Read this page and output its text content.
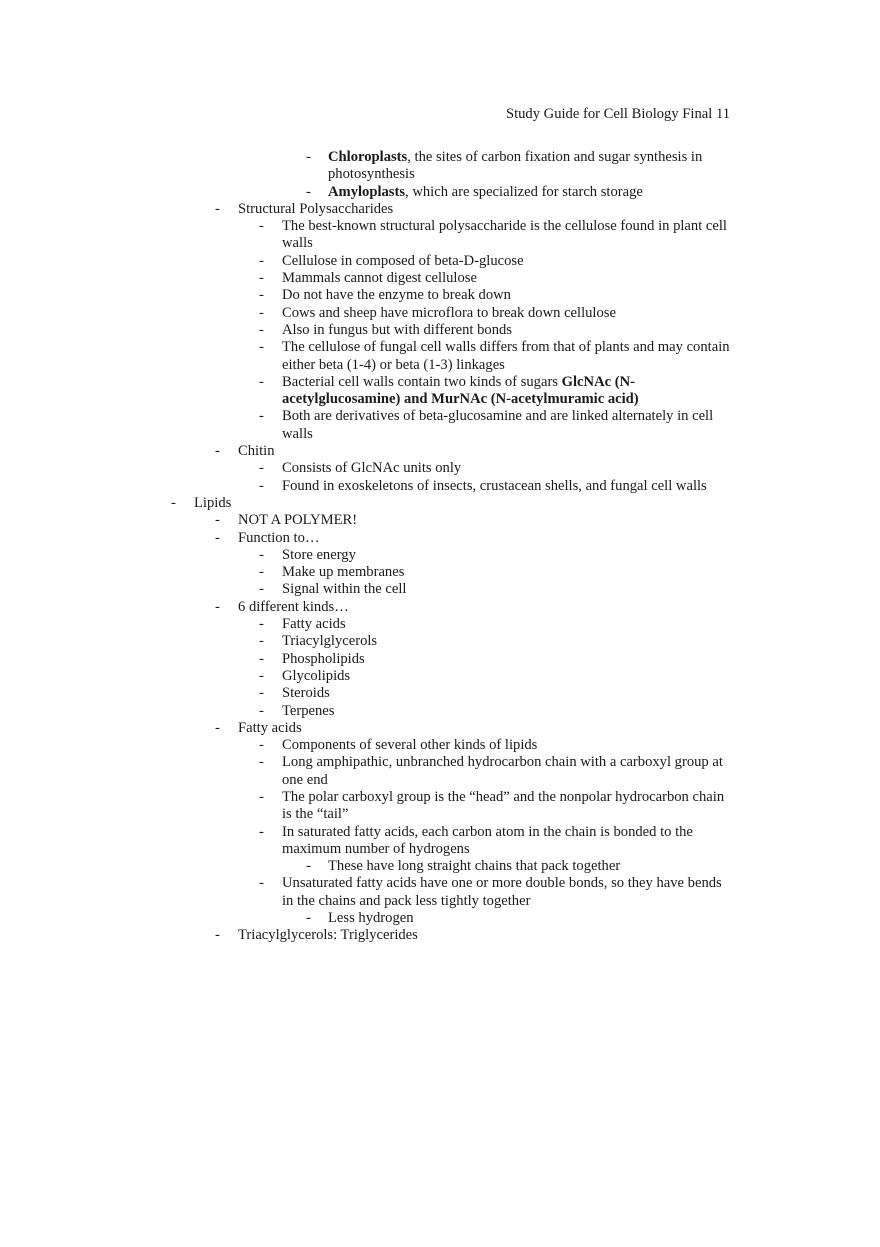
Study Guide for Cell Biology Final 11
- Chloroplasts, the sites of carbon fixation and sugar synthesis in photosynthesis
- Amyloplasts, which are specialized for starch storage
- Structural Polysaccharides
- The best-known structural polysaccharide is the cellulose found in plant cell walls
- Cellulose in composed of beta-D-glucose
- Mammals cannot digest cellulose
- Do not have the enzyme to break down
- Cows and sheep have microflora to break down cellulose
- Also in fungus but with different bonds
- The cellulose of fungal cell walls differs from that of plants and may contain either beta (1-4) or beta (1-3) linkages
- Bacterial cell walls contain two kinds of sugars GlcNAc (N-acetylglucosamine) and MurNAc (N-acetylmuramic acid)
- Both are derivatives of beta-glucosamine and are linked alternately in cell walls
- Chitin
- Consists of GlcNAc units only
- Found in exoskeletons of insects, crustacean shells, and fungal cell walls
- Lipids
- NOT A POLYMER!
- Function to…
- Store energy
- Make up membranes
- Signal within the cell
- 6 different kinds…
- Fatty acids
- Triacylglycerols
- Phospholipids
- Glycolipids
- Steroids
- Terpenes
- Fatty acids
- Components of several other kinds of lipids
- Long amphipathic, unbranched hydrocarbon chain with a carboxyl group at one end
- The polar carboxyl group is the “head” and the nonpolar hydrocarbon chain is the “tail”
- In saturated fatty acids, each carbon atom in the chain is bonded to the maximum number of hydrogens
- These have long straight chains that pack together
- Unsaturated fatty acids have one or more double bonds, so they have bends in the chains and pack less tightly together
- Less hydrogen
- Triacylglycerols: Triglycerides
